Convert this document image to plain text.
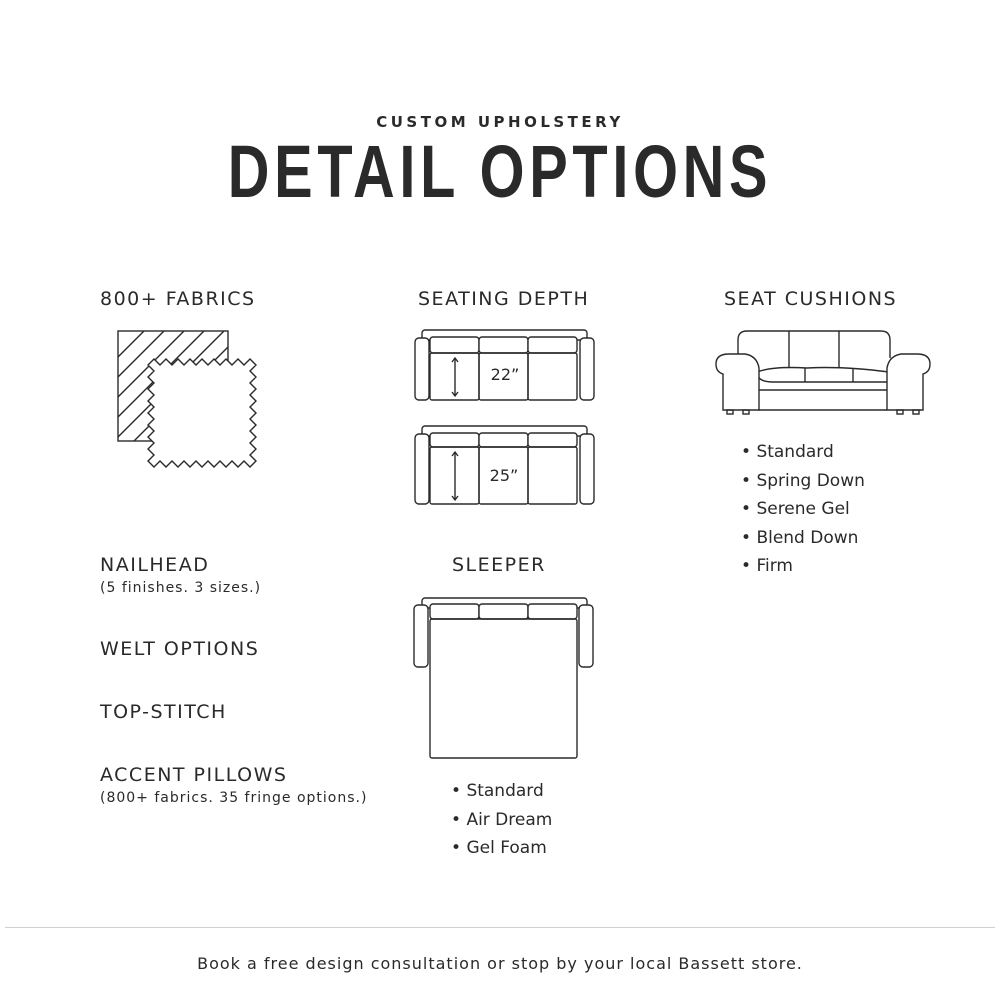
CUSTOM UPHOLSTERY
DETAIL OPTIONS
800+ FABRICS	SEATING DEPTH
22”
25”
SEAT CUSHIONS
• Standard
• Spring Down
• Serene Gel
• Blend Down
• Firm
NAILHEAD
(5 finishes. 3 sizes.)
WELT OPTIONS
TOP-STITCH
ACCENT PILLOWS
(800+ fabrics. 35 fringe options.)
SLEEPER
• Standard
• Air Dream
• Gel Foam
Book a free design consultation or stop by your local Bassett store.
